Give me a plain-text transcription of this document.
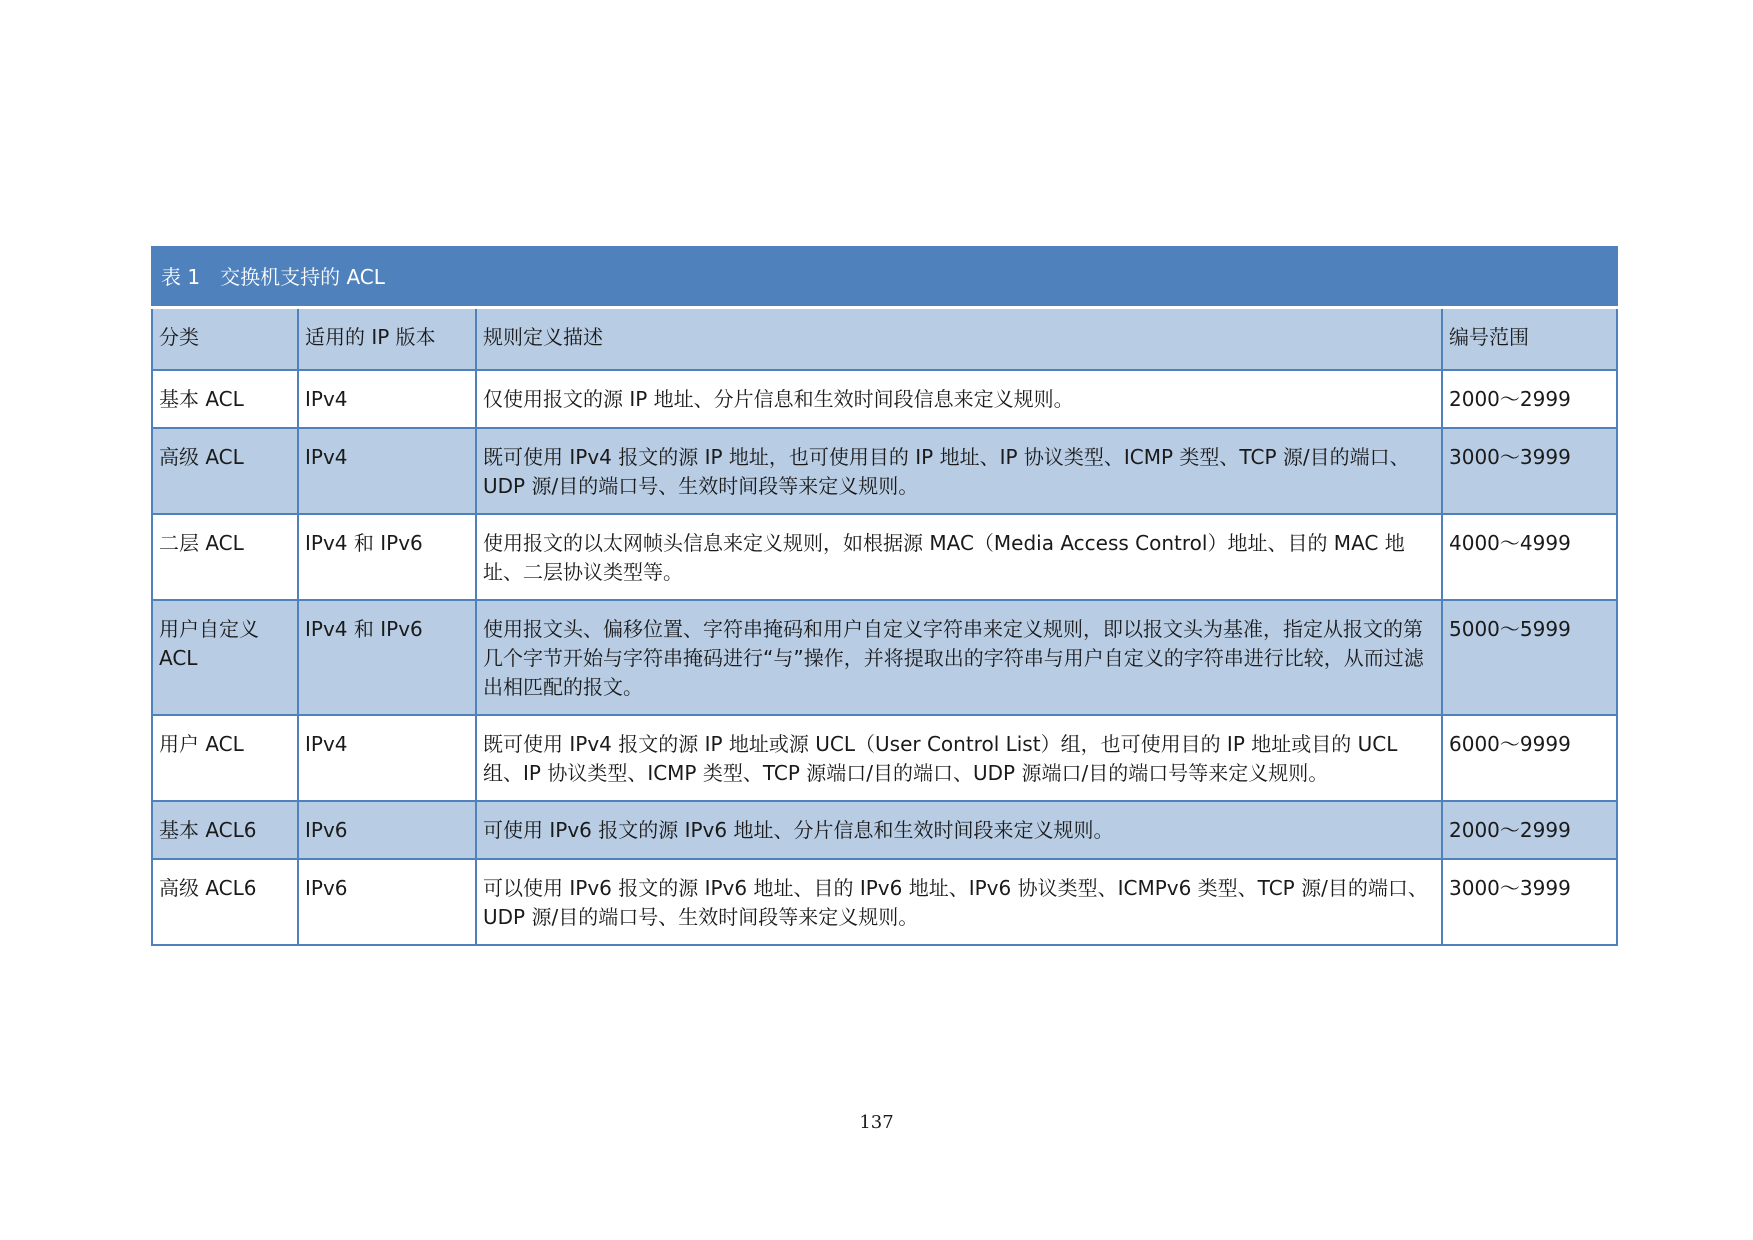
表 1　交换机支持的 ACL			
分类	适用的 IP 版本	规则定义描述	编号范围
基本 ACL	IPv4	仅使用报文的源 IP 地址、分片信息和生效时间段信息来定义规则。	2000～2999
高级 ACL	IPv4	既可使用 IPv4 报文的源 IP 地址，也可使用目的 IP 地址、IP 协议类型、ICMP 类型、TCP 源/目的端口、UDP 源/目的端口号、生效时间段等来定义规则。	3000～3999
二层 ACL	IPv4 和 IPv6	使用报文的以太网帧头信息来定义规则，如根据源 MAC（Media Access Control）地址、目的 MAC 地址、二层协议类型等。	4000～4999
用户自定义 ACL	IPv4 和 IPv6	使用报文头、偏移位置、字符串掩码和用户自定义字符串来定义规则，即以报文头为基准，指定从报文的第几个字节开始与字符串掩码进行“与”操作，并将提取出的字符串与用户自定义的字符串进行比较，从而过滤出相匹配的报文。	5000～5999
用户 ACL	IPv4	既可使用 IPv4 报文的源 IP 地址或源 UCL（User Control List）组，也可使用目的 IP 地址或目的 UCL 组、IP 协议类型、ICMP 类型、TCP 源端口/目的端口、UDP 源端口/目的端口号等来定义规则。	6000～9999
基本 ACL6	IPv6	可使用 IPv6 报文的源 IPv6 地址、分片信息和生效时间段来定义规则。	2000～2999
高级 ACL6	IPv6	可以使用 IPv6 报文的源 IPv6 地址、目的 IPv6 地址、IPv6 协议类型、ICMPv6 类型、TCP 源/目的端口、UDP 源/目的端口号、生效时间段等来定义规则。	3000～3999
137
